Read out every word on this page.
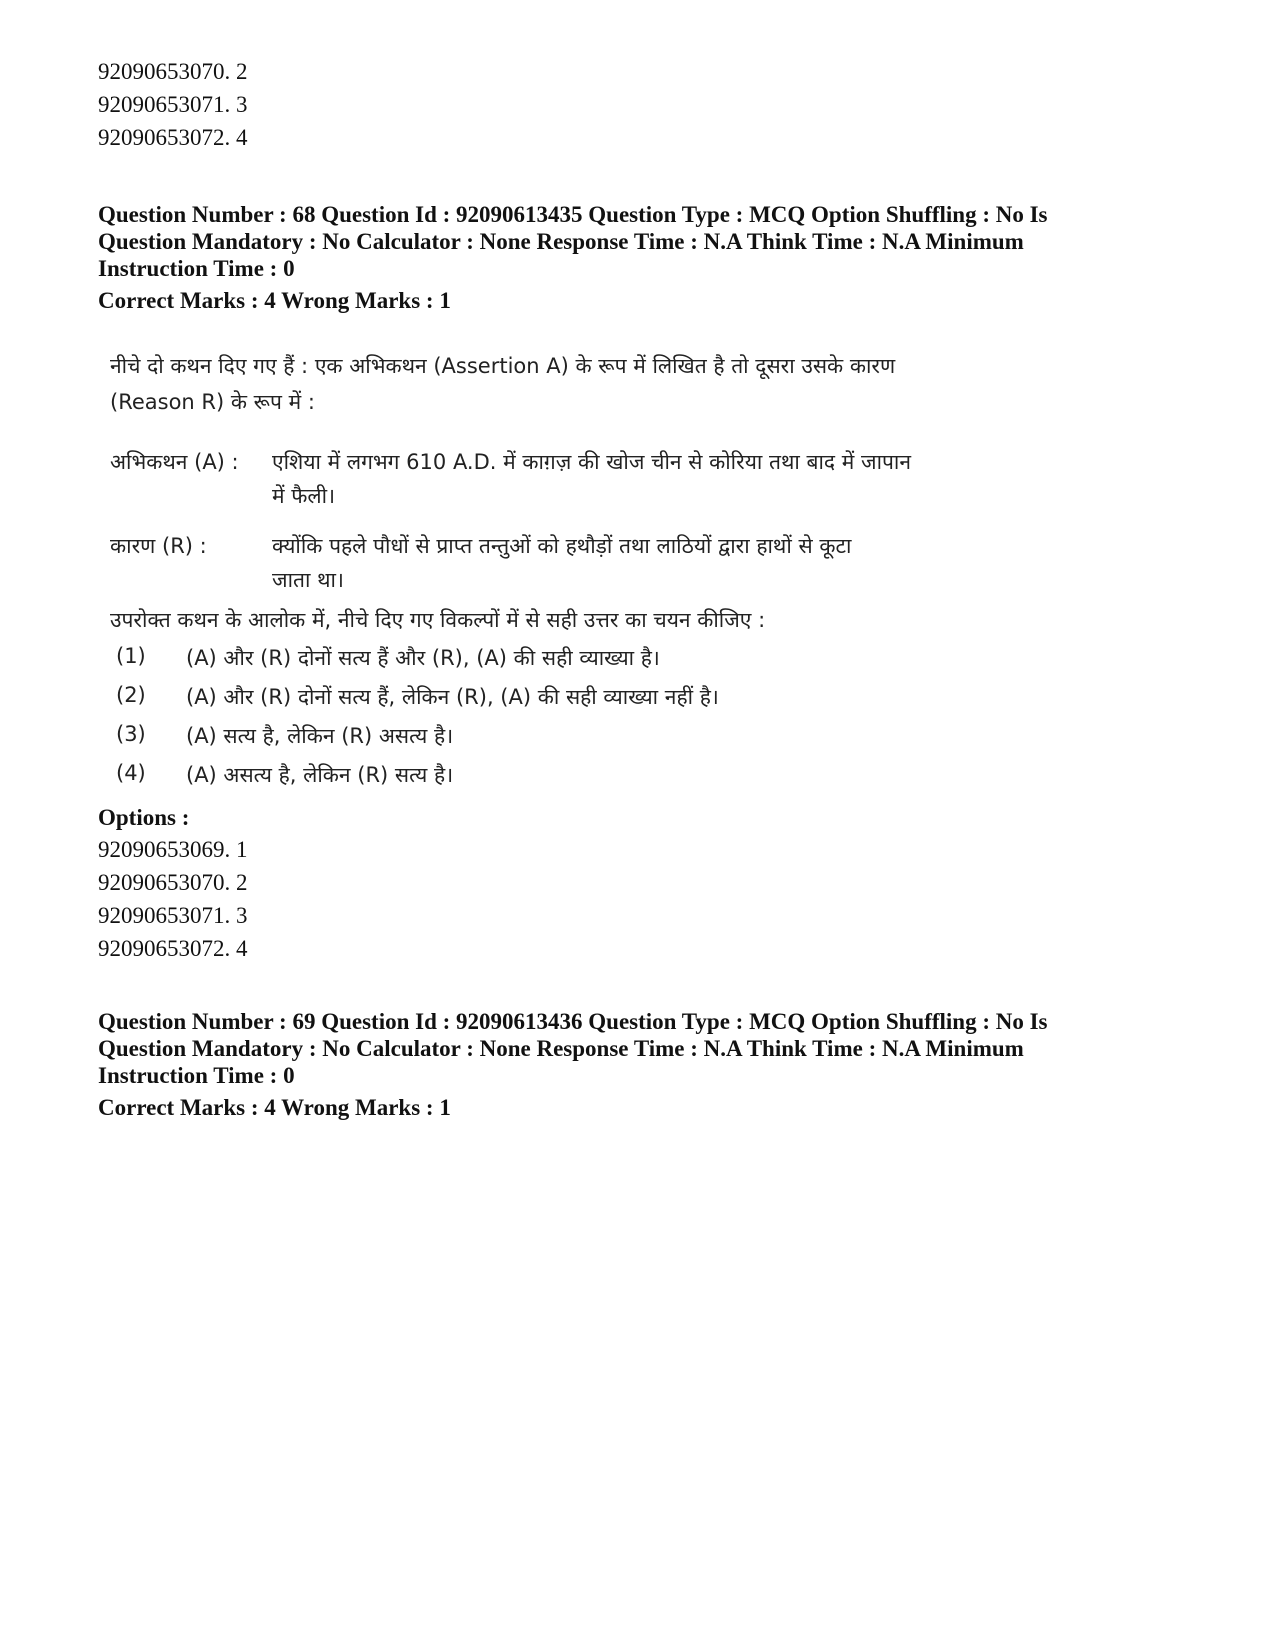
92090653070. 2
92090653071. 3
92090653072. 4
Question Number : 68 Question Id : 92090613435 Question Type : MCQ Option Shuffling : No Is
Question Mandatory : No Calculator : None Response Time : N.A Think Time : N.A Minimum
Instruction Time : 0
Correct Marks : 4 Wrong Marks : 1
नीचे दो कथन दिए गए हैं : एक अभिकथन (Assertion A) के रूप में लिखित है तो दूसरा उसके कारण
(Reason R) के रूप में :
अभिकथन (A) : एशिया में लगभग 610 A.D. में काग़ज़ की खोज चीन से कोरिया तथा बाद में जापान
में फैली।
कारण (R) :	क्योंकि पहले पौधों से प्राप्त तन्तुओं को हथौड़ों तथा लाठियों द्वारा हाथों से कूटा
जाता था।
उपरोक्त कथन के आलोक में, नीचे दिए गए विकल्पों में से सही उत्तर का चयन कीजिए :
(1) (A) और (R) दोनों सत्य हैं और (R), (A) की सही व्याख्या है।
(2) (A) और (R) दोनों सत्य हैं, लेकिन (R), (A) की सही व्याख्या नहीं है।
(3) (A) सत्य है, लेकिन (R) असत्य है।
(4) (A) असत्य है, लेकिन (R) सत्य है।
Options :
92090653069. 1
92090653070. 2
92090653071. 3
92090653072. 4
Question Number : 69 Question Id : 92090613436 Question Type : MCQ Option Shuffling : No Is
Question Mandatory : No Calculator : None Response Time : N.A Think Time : N.A Minimum
Instruction Time : 0
Correct Marks : 4 Wrong Marks : 1
